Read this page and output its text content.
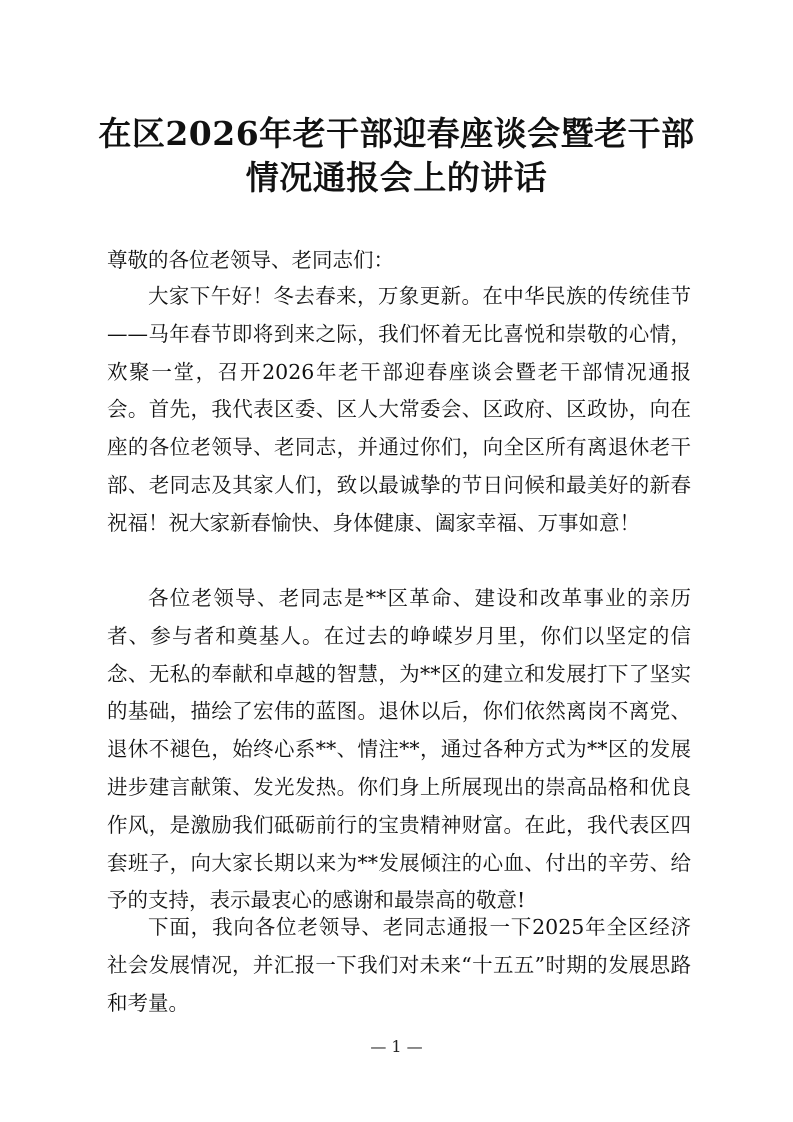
在区2026年老干部迎春座谈会暨老干部
情况通报会上的讲话

尊敬的各位老领导、老同志们：

大家下午好！冬去春来，万象更新。在中华民族的传统佳节——马年春节即将到来之际，我们怀着无比喜悦和崇敬的心情，欢聚一堂，召开2026年老干部迎春座谈会暨老干部情况通报会。首先，我代表区委、区人大常委会、区政府、区政协，向在座的各位老领导、老同志，并通过你们，向全区所有离退休老干部、老同志及其家人们，致以最诚挚的节日问候和最美好的新春祝福！祝大家新春愉快、身体健康、阖家幸福、万事如意！

各位老领导、老同志是**区革命、建设和改革事业的亲历者、参与者和奠基人。在过去的峥嵘岁月里，你们以坚定的信念、无私的奉献和卓越的智慧，为**区的建立和发展打下了坚实的基础，描绘了宏伟的蓝图。退休以后，你们依然离岗不离党、退休不褪色，始终心系**、情注**，通过各种方式为**区的发展进步建言献策、发光发热。你们身上所展现出的崇高品格和优良作风，是激励我们砥砺前行的宝贵精神财富。在此，我代表区四套班子，向大家长期以来为**发展倾注的心血、付出的辛劳、给予的支持，表示最衷心的感谢和最崇高的敬意!

下面，我向各位老领导、老同志通报一下2025年全区经济社会发展情况，并汇报一下我们对未来“十五五”时期的发展思路和考量。

— 1 —
